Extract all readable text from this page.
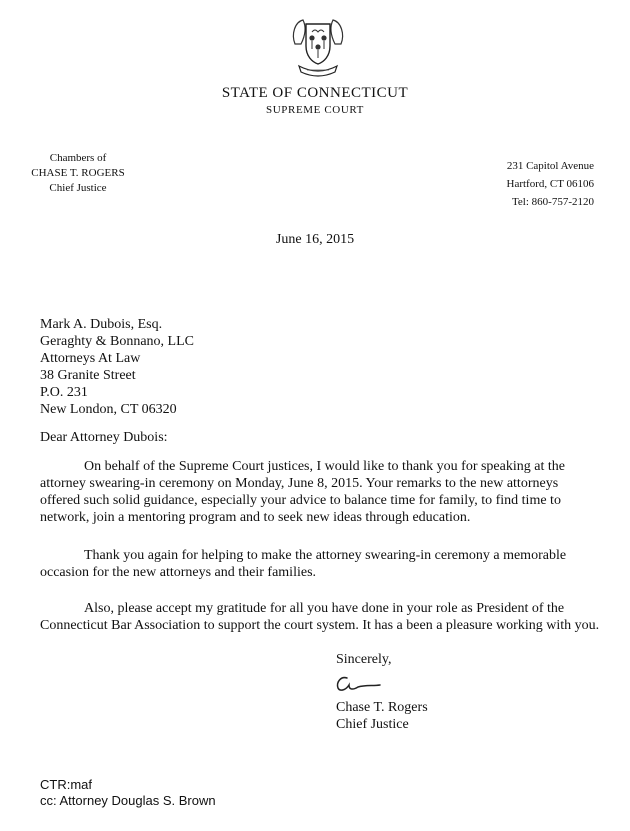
STATE OF CONNECTICUT
SUPREME COURT
Chambers of
CHASE T. ROGERS
Chief Justice
231 Capitol Avenue
Hartford, CT 06106
Tel: 860-757-2120
June 16, 2015
Mark A. Dubois, Esq.
Geraghty & Bonnano, LLC
Attorneys At Law
38 Granite Street
P.O. 231
New London, CT 06320
Dear Attorney Dubois:
On behalf of the Supreme Court justices, I would like to thank you for speaking at the attorney swearing-in ceremony on Monday, June 8, 2015. Your remarks to the new attorneys offered such solid guidance, especially your advice to balance time for family, to find time to network, join a mentoring program and to seek new ideas through education.
Thank you again for helping to make the attorney swearing-in ceremony a memorable occasion for the new attorneys and their families.
Also, please accept my gratitude for all you have done in your role as President of the Connecticut Bar Association to support the court system. It has a been a pleasure working with you.
Sincerely,
Chase T. Rogers
Chief Justice
CTR:maf
cc: Attorney Douglas S. Brown
